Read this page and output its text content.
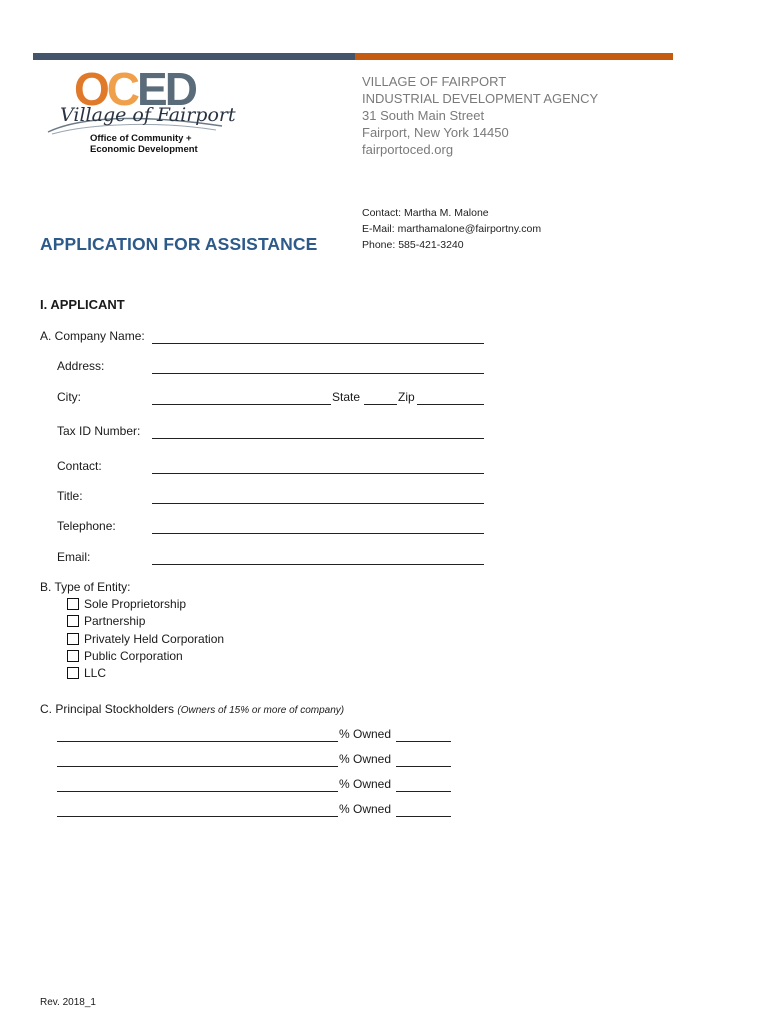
OCED
Village of Fairport
Office of Community +
Economic Development
VILLAGE OF FAIRPORT
INDUSTRIAL DEVELOPMENT AGENCY
31 South Main Street
Fairport, New York 14450
fairportoced.org
Contact: Martha M. Malone
E-Mail: marthamalone@fairportny.com
Phone: 585-421-3240
APPLICATION FOR ASSISTANCE
I. APPLICANT
A. Company Name:
Address:
City:	State	Zip
Tax ID Number:
Contact:
Title:
Telephone:
Email:
B. Type of Entity:
Sole Proprietorship
Partnership
Privately Held Corporation
Public Corporation
LLC
C. Principal Stockholders (Owners of 15% or more of company)
% Owned
% Owned
% Owned
% Owned
Rev. 2018_1
